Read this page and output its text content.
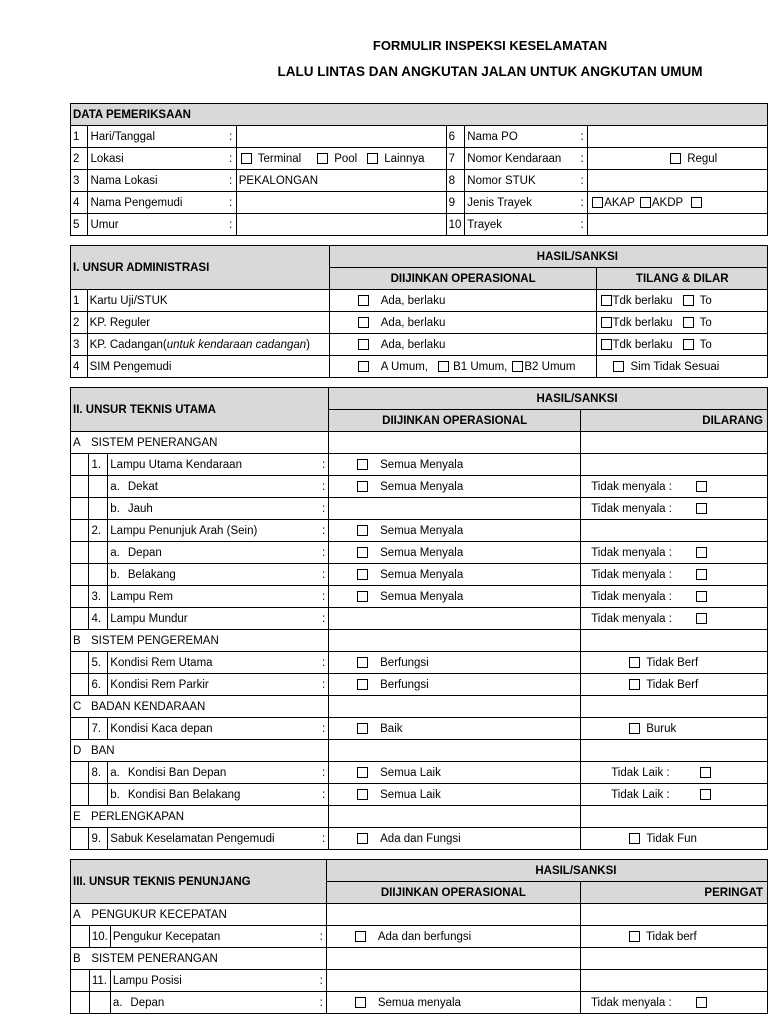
FORMULIR INSPEKSI KESELAMATAN
LALU LINTAS DAN ANGKUTAN JALAN UNTUK ANGKUTAN UMUM
DATA PEMERIKSAAN							
1	Hari/Tanggal	:		6	Nama PO	:	
2	Lokasi	:	Terminal Pool Lainnya	7	Nomor Kendaraan	:	Regul
3	Nama Lokasi	:	PEKALONGAN	8	Nomor STUK	:	
4	Nama Pengemudi	:		9	Jenis Trayek	:	AKAP AKDP
5	Umur	:		10	Trayek	:	
I. UNSUR ADMINISTRASI		HASIL/SANKSI	
		DIIJINKAN OPERASIONAL	TILANG & DILAR
1	Kartu Uji/STUK	Ada, berlaku	Tdk berlaku To
2	KP. Reguler	Ada, berlaku	Tdk berlaku To
3	KP. Cadangan(untuk kendaraan cadangan)	Ada, berlaku	Tdk berlaku To
4	SIM Pengemudi	A Umum, B1 Umum, B2 Umum	Sim Tidak Sesuai
II. UNSUR TEKNIS UTAMA				HASIL/SANKSI	
				DIIJINKAN OPERASIONAL	DILARANG
A	SISTEM PENERANGAN				
	1.	Lampu Utama Kendaraan	:	Semua Menyala	
		a. Dekat	:	Semua Menyala	Tidak menyala :
		b. Jauh	:		Tidak menyala :
	2.	Lampu Penunjuk Arah (Sein)	:	Semua Menyala	
		a. Depan	:	Semua Menyala	Tidak menyala :
		b. Belakang	:	Semua Menyala	Tidak menyala :
	3.	Lampu Rem	:	Semua Menyala	Tidak menyala :
	4.	Lampu Mundur	:		Tidak menyala :
B	SISTEM PENGEREMAN				
	5.	Kondisi Rem Utama	:	Berfungsi	Tidak Berf
	6.	Kondisi Rem Parkir	:	Berfungsi	Tidak Berf
C	BADAN KENDARAAN				
	7.	Kondisi Kaca depan	:	Baik	Buruk
D	BAN				
	8.	a. Kondisi Ban Depan	:	Semua Laik	Tidak Laik :
		b. Kondisi Ban Belakang	:	Semua Laik	Tidak Laik :
E	PERLENGKAPAN				
	9.	Sabuk Keselamatan Pengemudi	:	Ada dan Fungsi	Tidak Fun
III. UNSUR TEKNIS PENUNJANG				HASIL/SANKSI	
				DIIJINKAN OPERASIONAL	PERINGAT
A	PENGUKUR KECEPATAN				
	10.	Pengukur Kecepatan	:	Ada dan berfungsi	Tidak berf
B	SISTEM PENERANGAN				
	11.	Lampu Posisi	:		
		a. Depan	:	Semua menyala	Tidak menyala :
